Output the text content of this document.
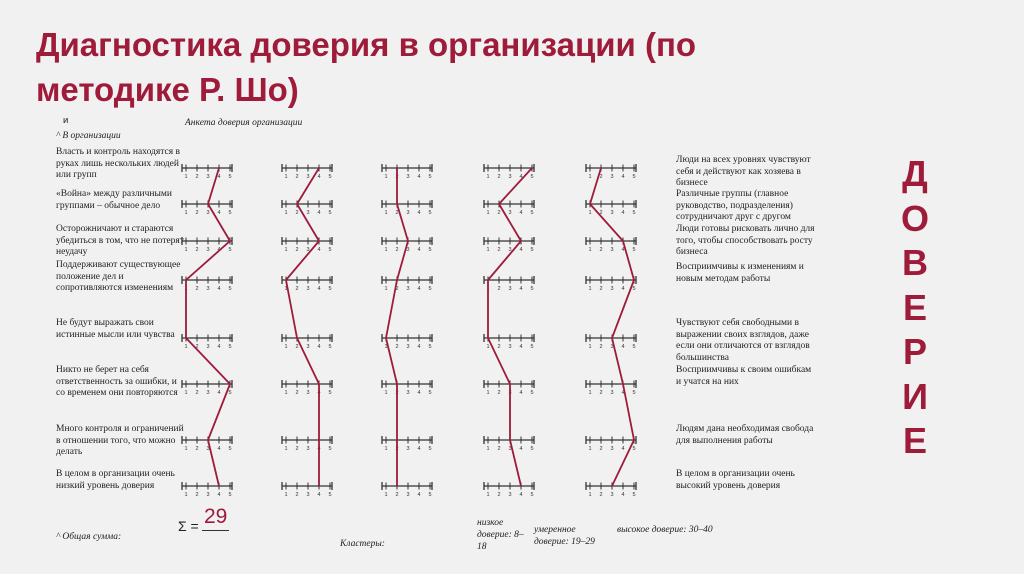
Диагностика доверия в организации (по методике Р. Шо)
и	Анкета доверия организации
^ В организации
Власть и контроль находятся в руках лишь нескольких людей или групп
«Война» между различными группами – обычное дело
Осторожничают и стараются убедиться в том, что не потерят неудачу
Поддерживают существующее положение дел и сопротивляются изменениям
Не будут выражать свои истинные мысли или чувства
Никто не берет на себя ответственность за ошибки, и со временем они повторяются
Много контроля и ограничений в отношении того, что можно делать
В целом в организации очень низкий уровень доверия
Люди на всех уровнях чувствуют себя и действуют как хозяева в бизнесе
Различные группы (главное руководство, подразделения) сотрудничают друг с другом
Люди готовы рисковать лично для того, чтобы способствовать росту бизнеса
Восприимчивы к изменениям и новым методам работы
Чувствуют себя свободными в выражении своих взглядов, даже если они отличаются от взглядов большинства
Восприимчивы к своим ошибкам и учатся на них
Людям дана необходимая свобода для выполнения работы
В целом в организации очень высокий уровень доверия
Д
О
В
Е
Р
И
Е
1 2 3 4 5
1 2 3 4 5
1 2 3 4 5
1 2 3 4 5
1 2 3 4 5
1 2 3 4 5
1 2 3 4 5
1 2 3 4 5
1 2 3 4 5
1 2 3 4 5
1 2 3 4 5
1 2 3 4 5
1 2 3 4 5
1 2 3 4 5
1 2 3 4 5
1 2 3 4 5
1 2 3 4 5
1 2 3 4 5
1 2 3 4 5
1 2 3 4 5
1 2 3 4 5
1 2 3 4 5
1 2 3 4 5
1 2 3 4 5
1 2 3 4 5
1 2 3 4 5
1 2 3 4 5
1 2 3 4 5
1 2 3 4 5
1 2 3 4 5
1 2 3 4 5
1 2 3 4 5
1 2 3 4 5
1 2 3 4 5
1 2 3 4 5
1 2 3 4 5
1 2 3 4 5
1 2 3 4 5
1 2 3 4 5
1 2 3 4 5
^ Общая сумма:
Σ = 29
Кластеры:
низкое доверие: 8–18
умеренное доверие: 19–29
высокое доверие: 30–40
